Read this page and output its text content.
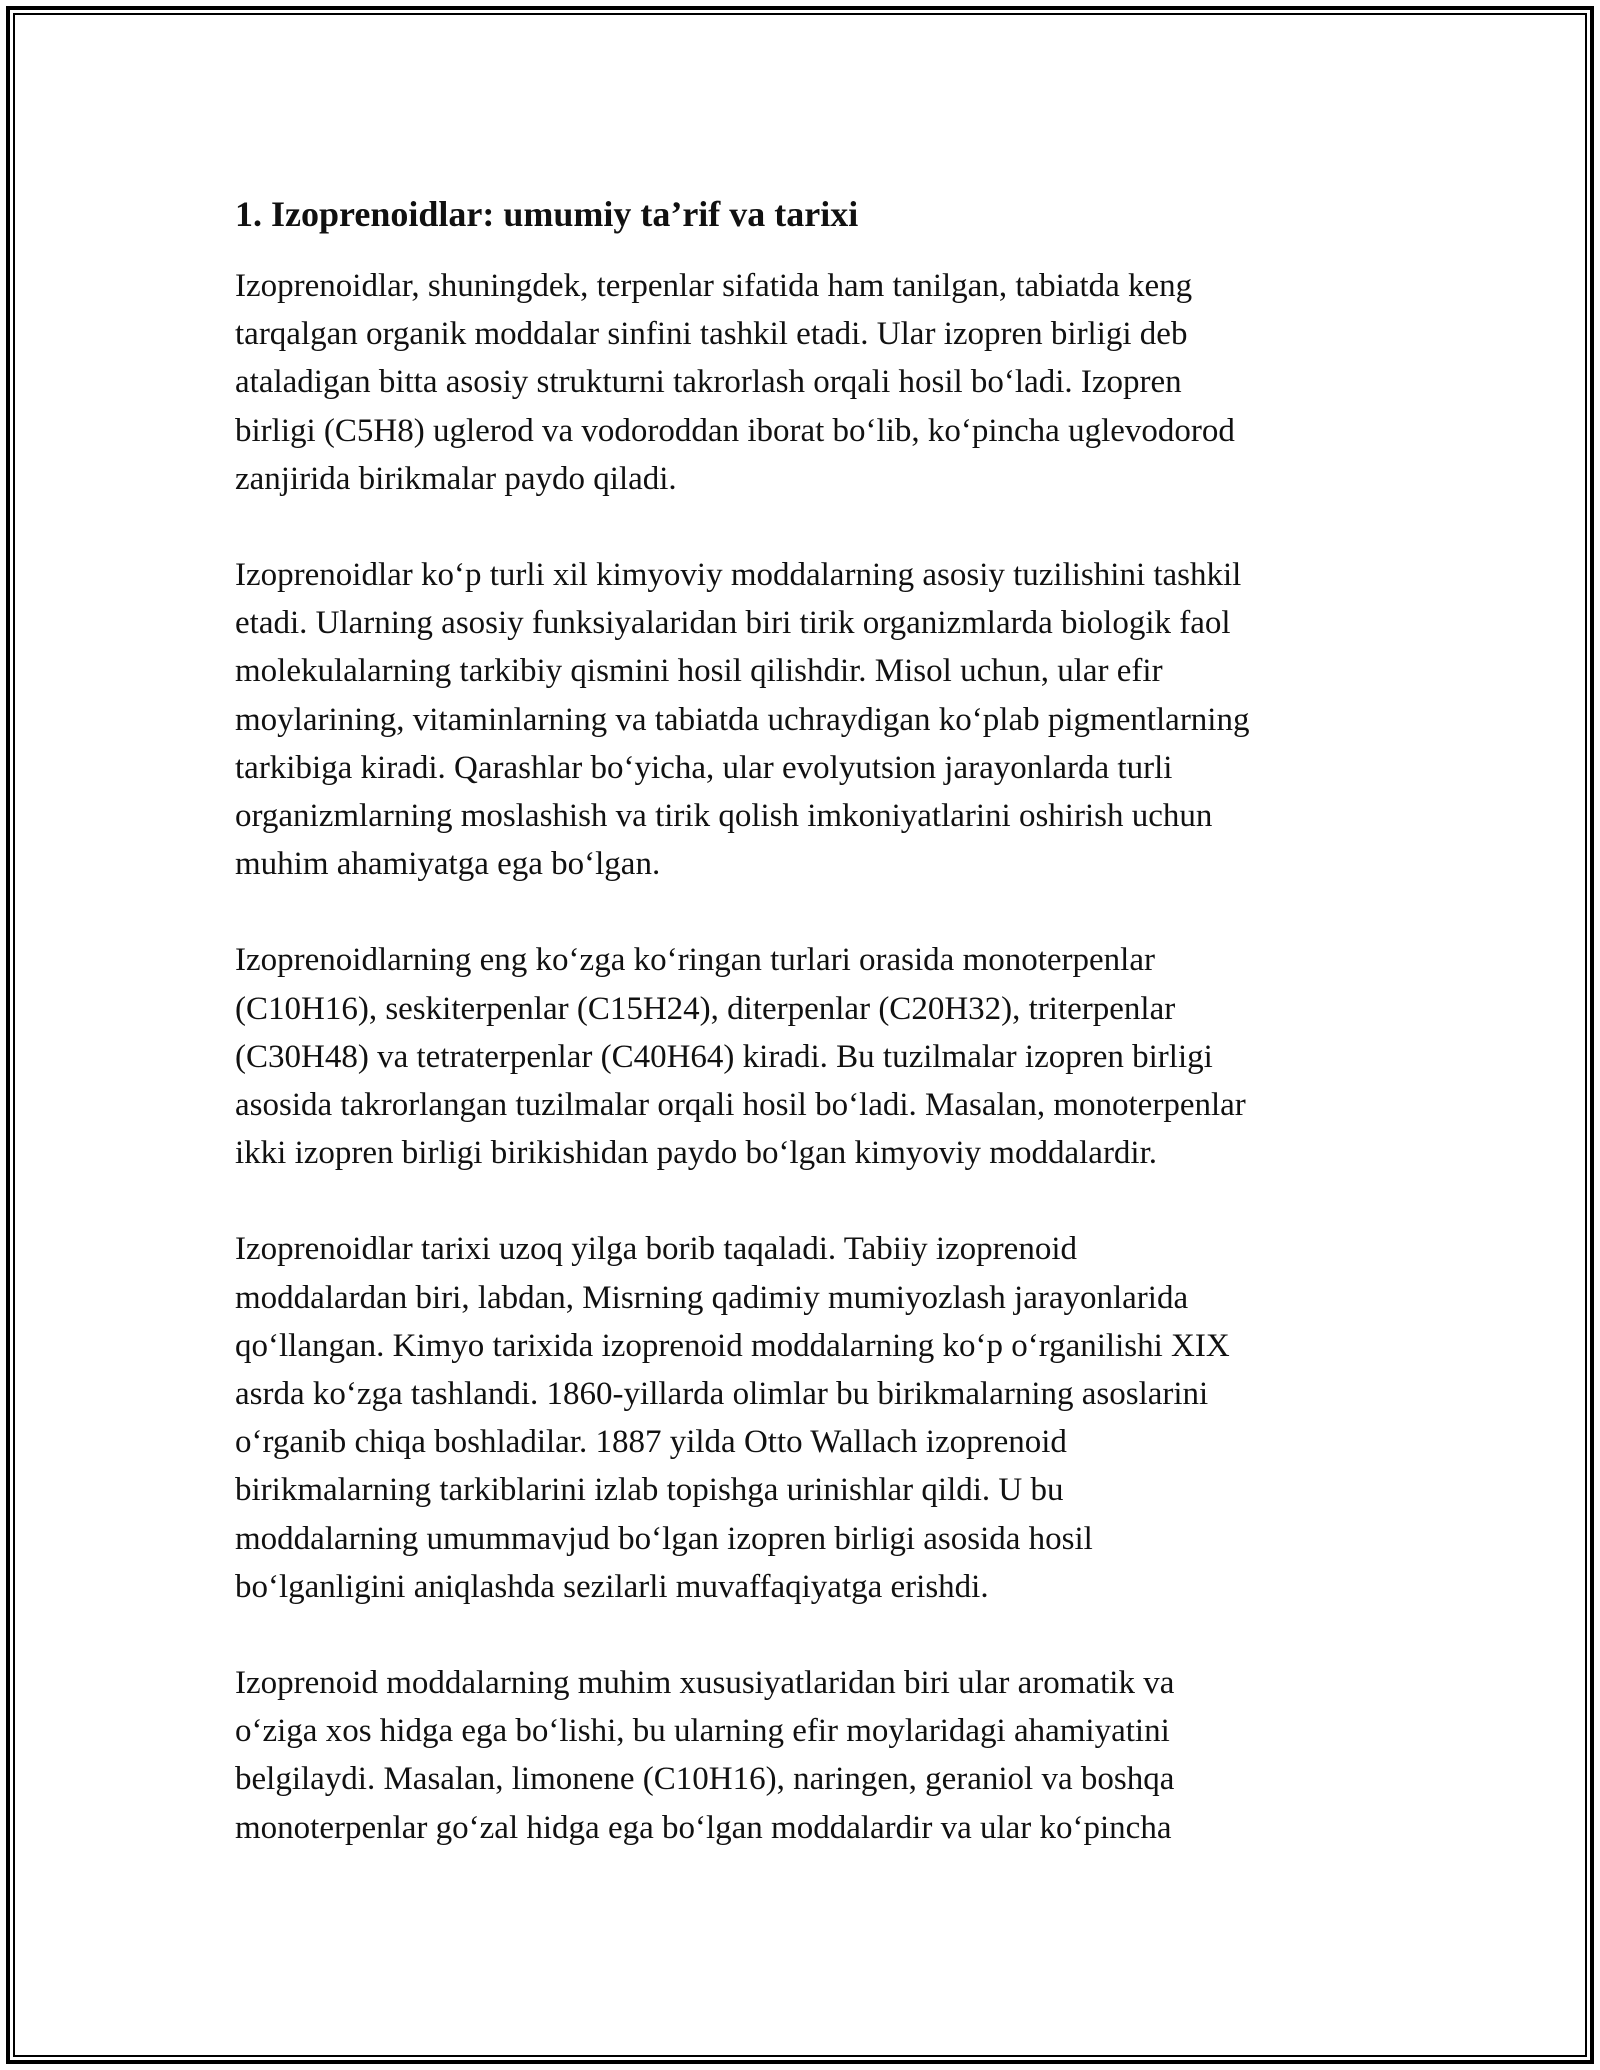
1. Izoprenoidlar: umumiy ta’rif va tarixi
Izoprenoidlar, shuningdek, terpenlar sifatida ham tanilgan, tabiatda keng
tarqalgan organik moddalar sinfini tashkil etadi. Ular izopren birligi deb
ataladigan bitta asosiy strukturni takrorlash orqali hosil bo‘ladi. Izopren
birligi (C5H8) uglerod va vodoroddan iborat bo‘lib, ko‘pincha uglevodorod
zanjirida birikmalar paydo qiladi.
Izoprenoidlar ko‘p turli xil kimyoviy moddalarning asosiy tuzilishini tashkil
etadi. Ularning asosiy funksiyalaridan biri tirik organizmlarda biologik faol
molekulalarning tarkibiy qismini hosil qilishdir. Misol uchun, ular efir
moylarining, vitaminlarning va tabiatda uchraydigan ko‘plab pigmentlarning
tarkibiga kiradi. Qarashlar bo‘yicha, ular evolyutsion jarayonlarda turli
organizmlarning moslashish va tirik qolish imkoniyatlarini oshirish uchun
muhim ahamiyatga ega bo‘lgan.
Izoprenoidlarning eng ko‘zga ko‘ringan turlari orasida monoterpenlar
(C10H16), seskiterpenlar (C15H24), diterpenlar (C20H32), triterpenlar
(C30H48) va tetraterpenlar (C40H64) kiradi. Bu tuzilmalar izopren birligi
asosida takrorlangan tuzilmalar orqali hosil bo‘ladi. Masalan, monoterpenlar
ikki izopren birligi birikishidan paydo bo‘lgan kimyoviy moddalardir.
Izoprenoidlar tarixi uzoq yilga borib taqaladi. Tabiiy izoprenoid
moddalardan biri, labdan, Misrning qadimiy mumiyozlash jarayonlarida
qo‘llangan. Kimyo tarixida izoprenoid moddalarning ko‘p o‘rganilishi XIX
asrda ko‘zga tashlandi. 1860-yillarda olimlar bu birikmalarning asoslarini
o‘rganib chiqa boshladilar. 1887 yilda Otto Wallach izoprenoid
birikmalarning tarkiblarini izlab topishga urinishlar qildi. U bu
moddalarning umummavjud bo‘lgan izopren birligi asosida hosil
bo‘lganligini aniqlashda sezilarli muvaffaqiyatga erishdi.
Izoprenoid moddalarning muhim xususiyatlaridan biri ular aromatik va
o‘ziga xos hidga ega bo‘lishi, bu ularning efir moylaridagi ahamiyatini
belgilaydi. Masalan, limonene (C10H16), naringen, geraniol va boshqa
monoterpenlar go‘zal hidga ega bo‘lgan moddalardir va ular ko‘pincha
